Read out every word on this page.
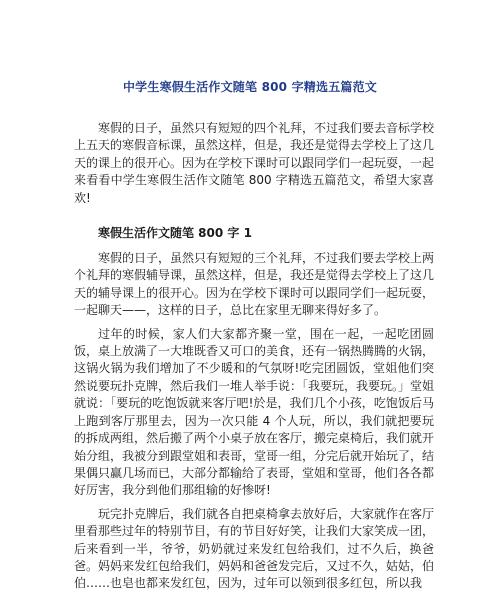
中学生寒假生活作文随笔 800 字精选五篇范文

寒假的日子，虽然只有短短的四个礼拜，不过我们要去音标学校上五天的寒假音标课，虽然这样，但是，我还是觉得去学校上了这几天的课上的很开心。因为在学校下课时可以跟同学们一起玩耍，一起来看看中学生寒假生活作文随笔 800 字精选五篇范文，希望大家喜欢!

寒假生活作文随笔 800 字 1

寒假的日子，虽然只有短短的三个礼拜，不过我们要去学校上两个礼拜的寒假辅导课，虽然这样，但是，我还是觉得去学校上了这几天的辅导课上的很开心。因为在学校下课时可以跟同学们一起玩耍，一起聊天——，这样的日子，总比在家里无聊来得好多了。

过年的时候，家人们大家都齐聚一堂，围在一起，一起吃团圆饭，桌上放满了一大堆既香又可口的美食，还有一锅热腾腾的火锅，这锅火锅为我们增加了不少暖和的气氛呀!吃完团圆饭，堂姐他们突然说要玩扑克牌，然后我们一堆人举手说：「我要玩，我要玩。」堂姐就说：「要玩的吃饱饭就来客厅吧!於是，我们几个小孩，吃饱饭后马上跑到客厅那里去，因为一次只能 4 个人玩，所以，我们就把要玩的拆成两组，然后搬了两个小桌子放在客厅，搬完桌椅后，我们就开始分组，我被分到跟堂姐和表哥，堂哥一组，分完后就开始玩了，结果偶只赢几场而已，大部分都输给了表哥，堂姐和堂哥，他们各各都好厉害，我分到他们那组输的好惨呀!

玩完扑克牌后，我们就各自把桌椅拿去放好后，大家就作在客厅里看那些过年的特别节目，有的节目好好笑，让我们大家笑成一团，后来看到一半，爷爷，奶奶就过来发红包给我们，过不久后，换爸爸。妈妈来发红包给我们，妈妈和爸爸发完后，又过不久，姑姑，伯伯……也皂也都来发红包，因为，过年可以领到很多红包，所以我
